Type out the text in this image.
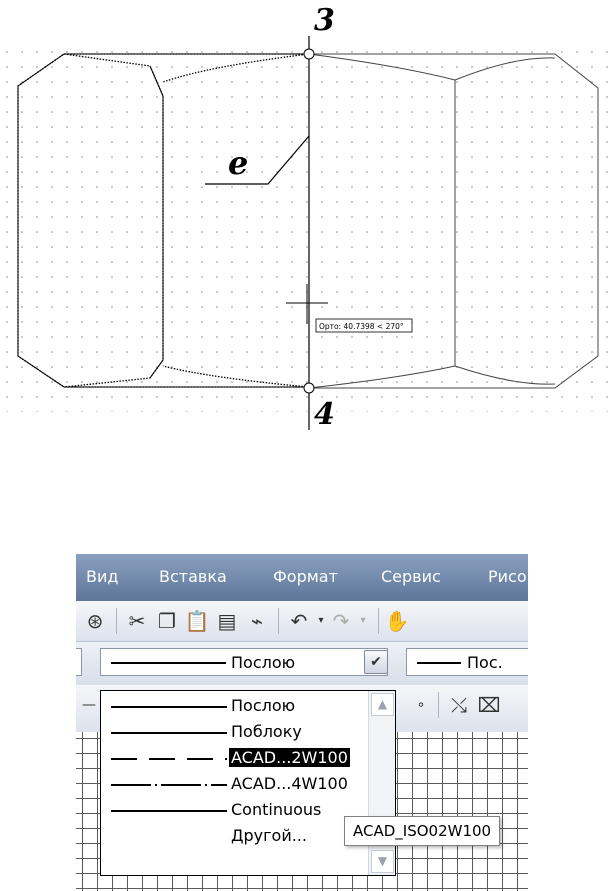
3
4
e
Орто: 40.7398 < 270°
Вид	Вставка	Формат	Сервис	Рисо
⊛ ✂ ❐ 📋 ▤ ⌁	↶	▾ ↷	▾ ✋
Послою	✔	Пос.
—	∘	⤯ ⌧
Послою
Поблоку
ACAD...2W100
ACAD...4W100
Continuous
Другой...
▲
▼
ACAD_ISO02W100
